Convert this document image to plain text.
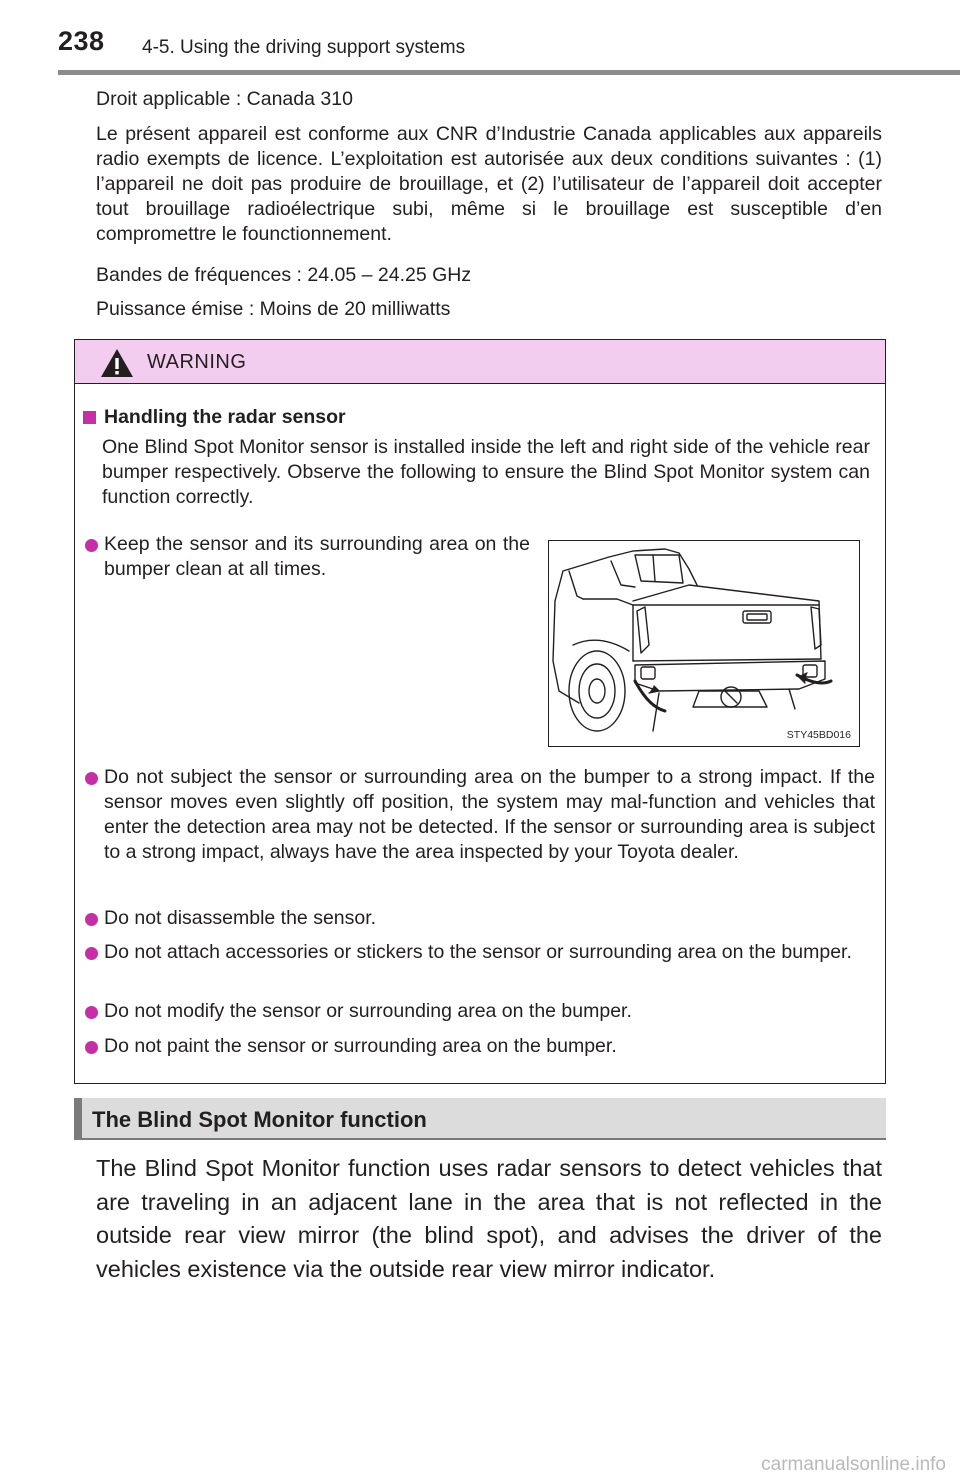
238 4-5. Using the driving support systems

Droit applicable : Canada 310

Le présent appareil est conforme aux CNR d’Industrie Canada applicables aux appareils radio exempts de licence. L’exploitation est autorisée aux deux conditions suivantes : (1) l’appareil ne doit pas produire de brouillage, et (2) l’utilisateur de l’appareil doit accepter tout brouillage radioélectrique subi, même si le brouillage est susceptible d’en compromettre le founctionnement.

Bandes de fréquences : 24.05 – 24.25 GHz

Puissance émise : Moins de 20 milliwatts

WARNING
Handling the radar sensor

One Blind Spot Monitor sensor is installed inside the left and right side of the vehicle rear bumper respectively. Observe the following to ensure the Blind Spot Monitor system can function correctly.

Keep the sensor and its surrounding area on the bumper clean at all times.
STY45BD016
Do not subject the sensor or surrounding area on the bumper to a strong impact. If the sensor moves even slightly off position, the system may mal-function and vehicles that enter the detection area may not be detected. If the sensor or surrounding area is subject to a strong impact, always have the area inspected by your Toyota dealer.
Do not disassemble the sensor.
Do not attach accessories or stickers to the sensor or surrounding area on the bumper.
Do not modify the sensor or surrounding area on the bumper.
Do not paint the sensor or surrounding area on the bumper.
The Blind Spot Monitor function

The Blind Spot Monitor function uses radar sensors to detect vehicles that are traveling in an adjacent lane in the area that is not reflected in the outside rear view mirror (the blind spot), and advises the driver of the vehicles existence via the outside rear view mirror indicator.

carmanualsonline.info
